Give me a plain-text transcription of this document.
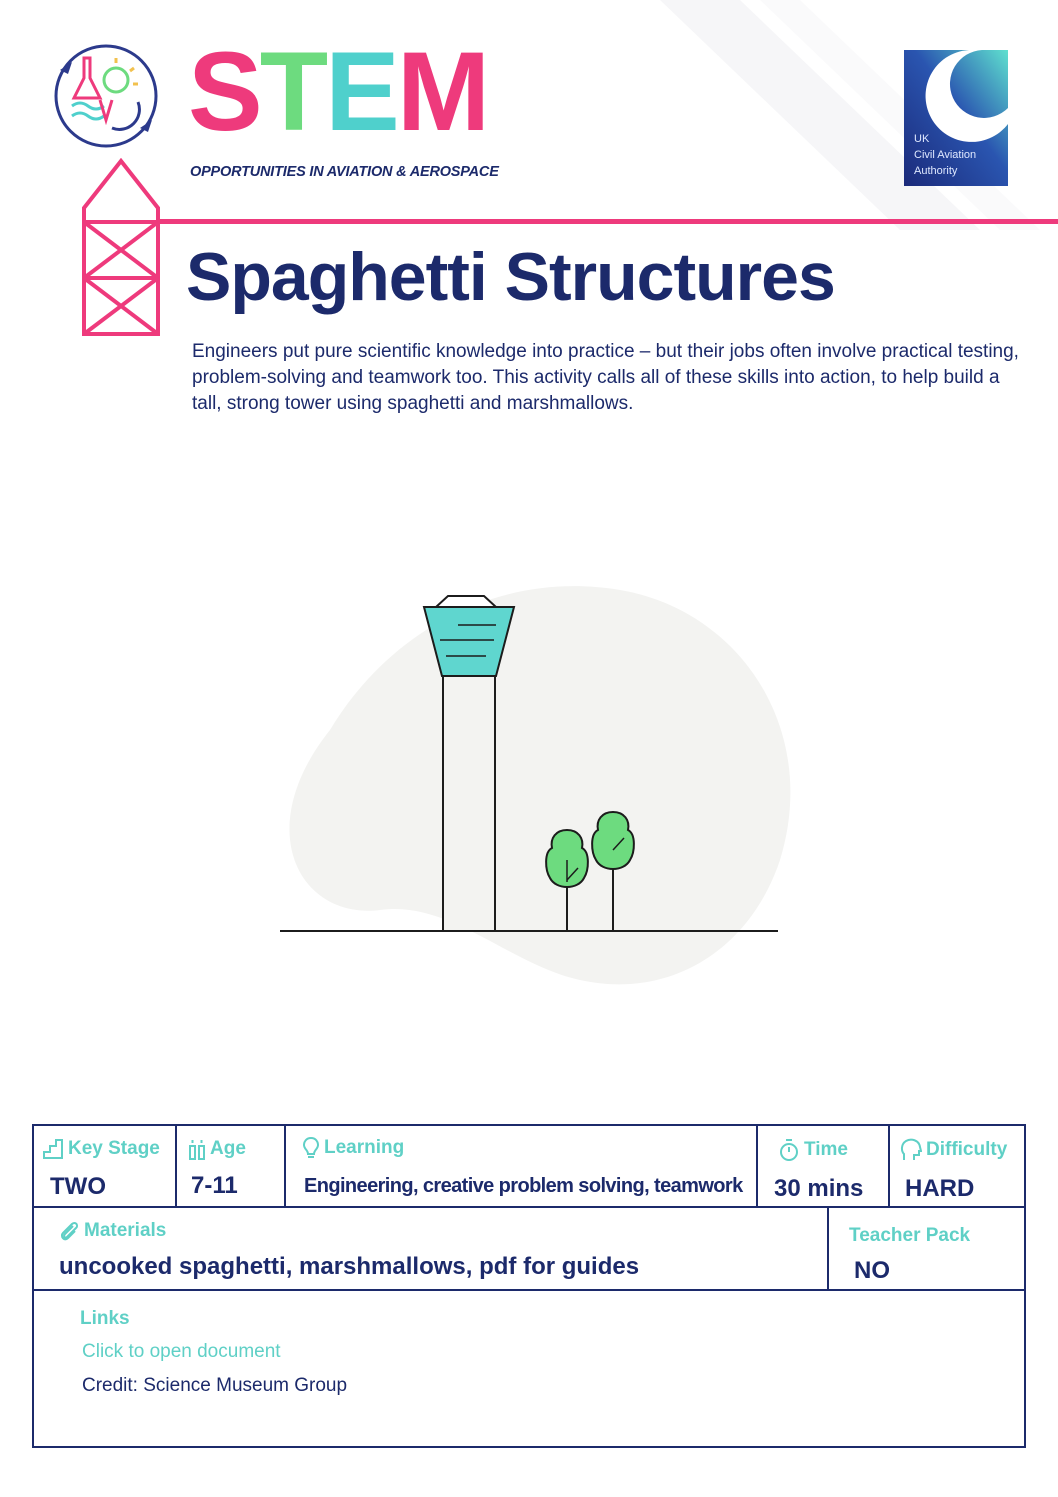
STEM
OPPORTUNITIES IN AVIATION & AEROSPACE
UK
Civil Aviation
Authority
Spaghetti Structures

Engineers put pure scientific knowledge into practice – but their jobs often involve practical testing, problem-solving and teamwork too. This activity calls all of these skills into action, to help build a tall, strong tower using spaghetti and marshmallows.

Key Stage
TWO
Age
7-11
Learning
Engineering, creative problem solving, teamwork
Time
30 mins
Difficulty
HARD
Materials
uncooked spaghetti, marshmallows, pdf for guides
Teacher Pack
NO
Links
Click to open document
Credit: Science Museum Group
